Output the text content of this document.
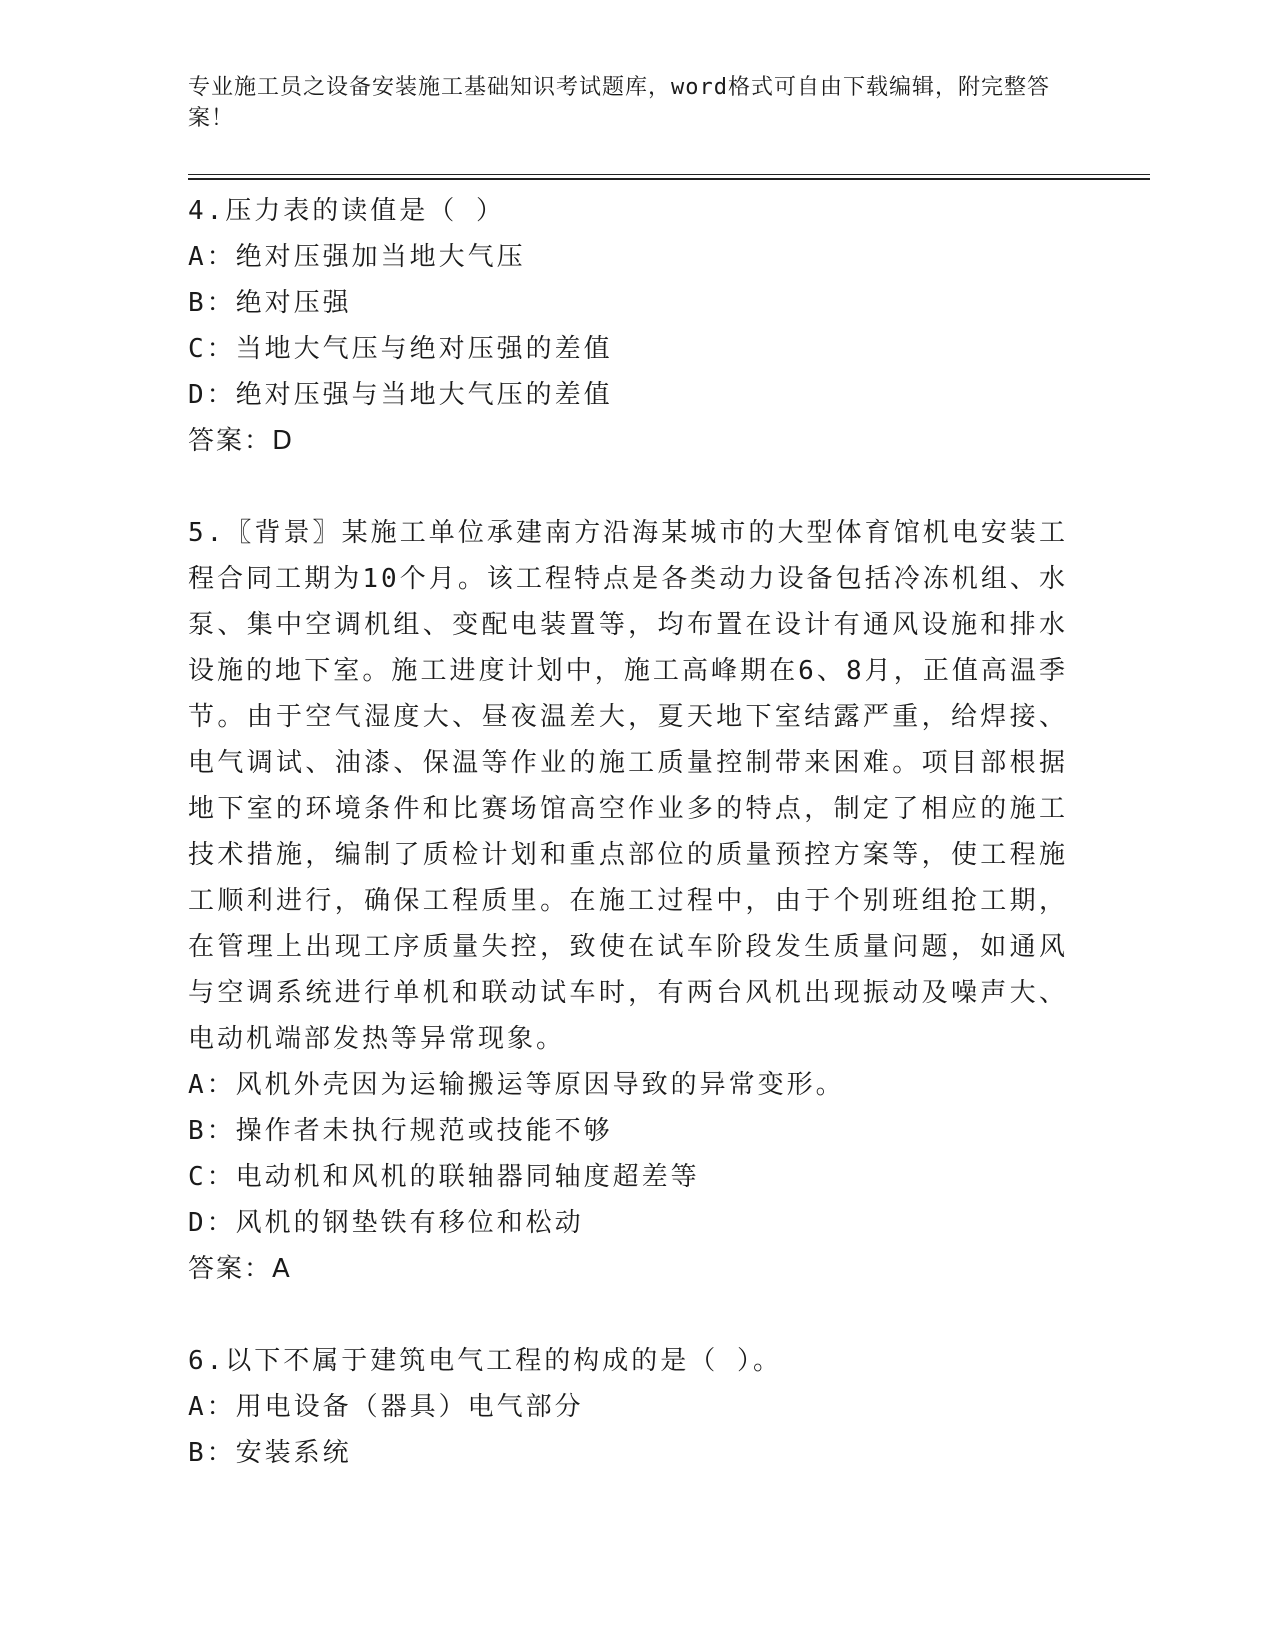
专业施工员之设备安装施工基础知识考试题库，word格式可自由下载编辑，附完整答案！
4.压力表的读值是（ ）
A：绝对压强加当地大气压
B：绝对压强
C：当地大气压与绝对压强的差值
D：绝对压强与当地大气压的差值
答案：D
5.〖背景〗某施工单位承建南方沿海某城市的大型体育馆机电安装工程合同工期为10个月。该工程特点是各类动力设备包括冷冻机组、水泵、集中空调机组、变配电装置等，均布置在设计有通风设施和排水设施的地下室。施工进度计划中，施工高峰期在6、8月，正值高温季节。由于空气湿度大、昼夜温差大，夏天地下室结露严重，给焊接、电气调试、油漆、保温等作业的施工质量控制带来困难。项目部根据地下室的环境条件和比赛场馆高空作业多的特点，制定了相应的施工技术措施，编制了质检计划和重点部位的质量预控方案等，使工程施工顺利进行，确保工程质里。在施工过程中，由于个别班组抢工期，在管理上出现工序质量失控，致使在试车阶段发生质量问题，如通风与空调系统进行单机和联动试车时，有两台风机出现振动及噪声大、电动机端部发热等异常现象。
A：风机外壳因为运输搬运等原因导致的异常变形。
B：操作者未执行规范或技能不够
C：电动机和风机的联轴器同轴度超差等
D：风机的钢垫铁有移位和松动
答案：A
6.以下不属于建筑电气工程的构成的是（ ）。
A：用电设备（器具）电气部分
B：安装系统
